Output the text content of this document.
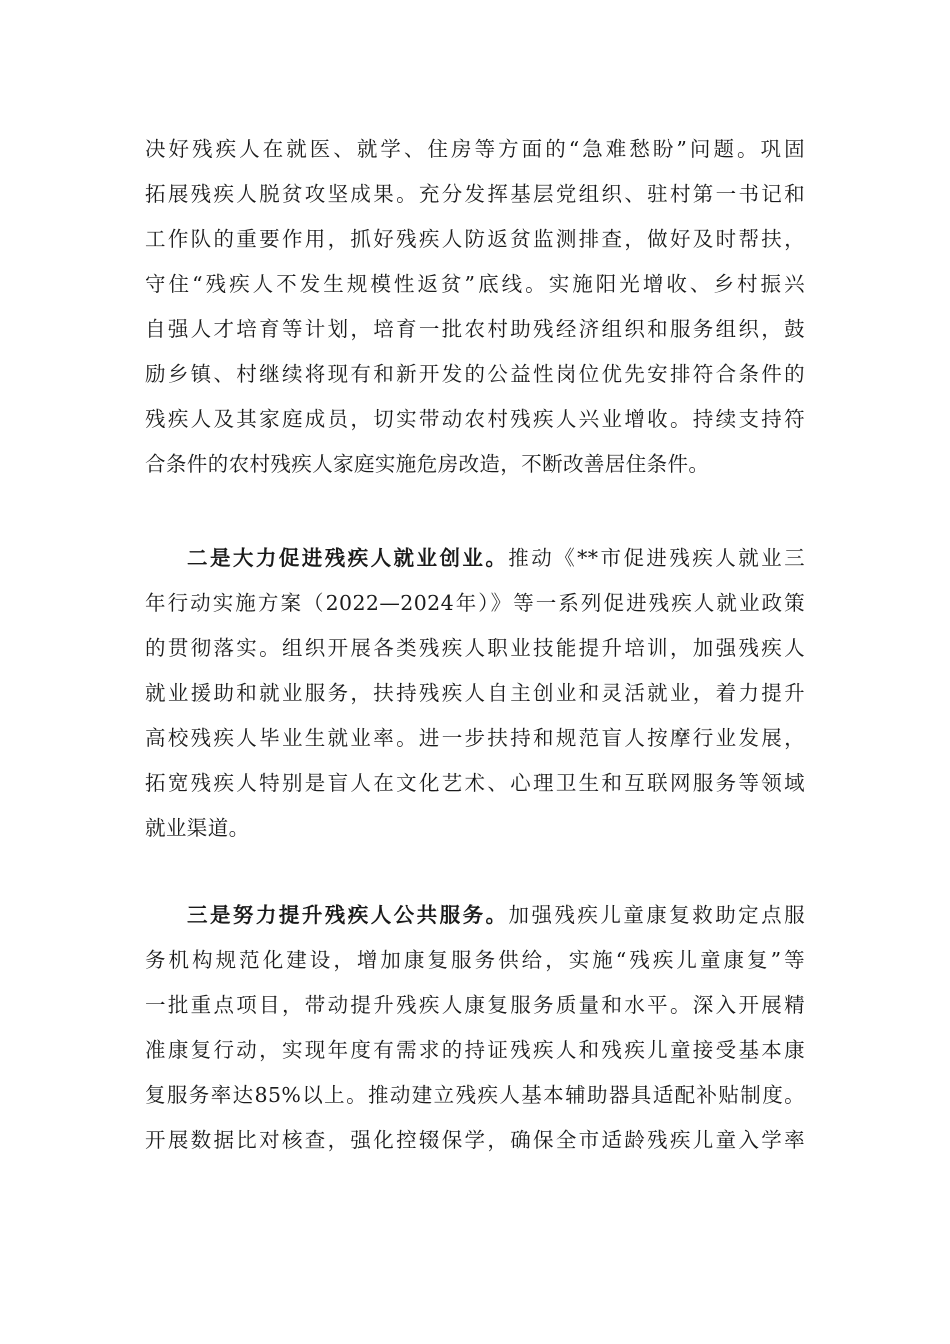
决好残疾人在就医、就学、住房等方面的“急难愁盼”问题。巩固
拓展残疾人脱贫攻坚成果。充分发挥基层党组织、驻村第一书记和
工作队的重要作用，抓好残疾人防返贫监测排查，做好及时帮扶，
守住“残疾人不发生规模性返贫”底线。实施阳光增收、乡村振兴
自强人才培育等计划，培育一批农村助残经济组织和服务组织，鼓
励乡镇、村继续将现有和新开发的公益性岗位优先安排符合条件的
残疾人及其家庭成员，切实带动农村残疾人兴业增收。持续支持符
合条件的农村残疾人家庭实施危房改造，不断改善居住条件。
二是大力促进残疾人就业创业。推动《**市促进残疾人就业三
年行动实施方案（2022—2024年）》等一系列促进残疾人就业政策
的贯彻落实。组织开展各类残疾人职业技能提升培训，加强残疾人
就业援助和就业服务，扶持残疾人自主创业和灵活就业，着力提升
高校残疾人毕业生就业率。进一步扶持和规范盲人按摩行业发展，
拓宽残疾人特别是盲人在文化艺术、心理卫生和互联网服务等领域
就业渠道。
三是努力提升残疾人公共服务。加强残疾儿童康复救助定点服
务机构规范化建设，增加康复服务供给，实施“残疾儿童康复”等
一批重点项目，带动提升残疾人康复服务质量和水平。深入开展精
准康复行动，实现年度有需求的持证残疾人和残疾儿童接受基本康
复服务率达85%以上。推动建立残疾人基本辅助器具适配补贴制度。
开展数据比对核查，强化控辍保学，确保全市适龄残疾儿童入学率
